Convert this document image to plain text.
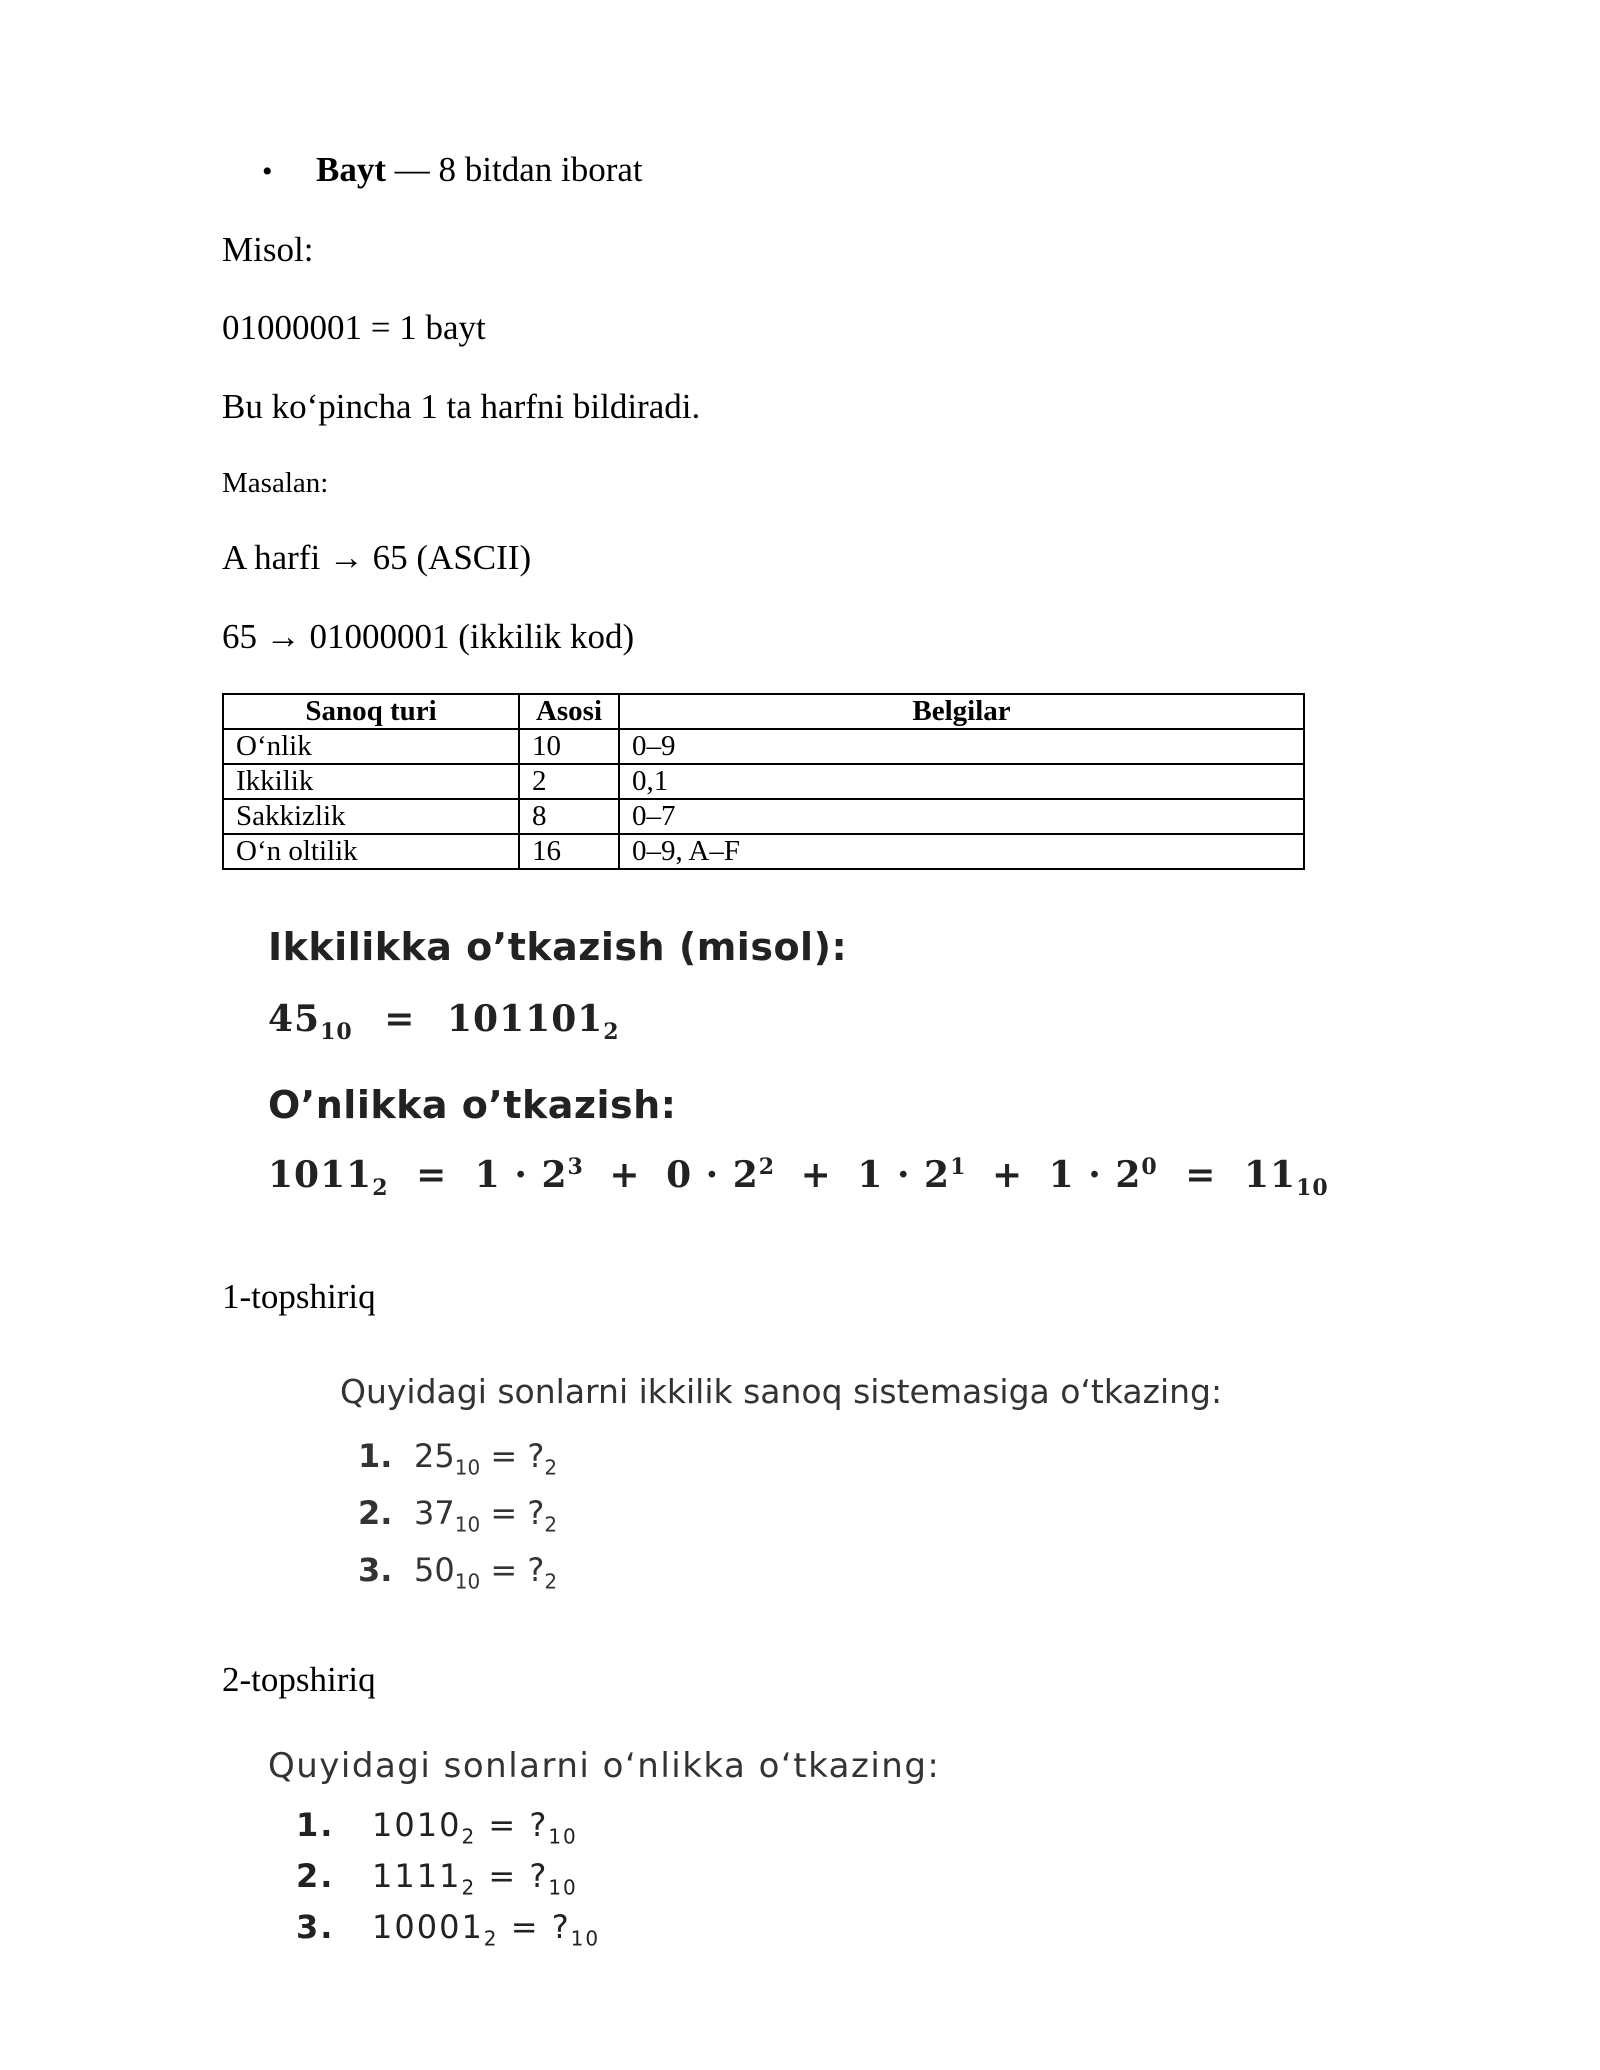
• Bayt — 8 bitdan iborat
Misol:
01000001 = 1 bayt
Bu ko‘pincha 1 ta harfni bildiradi.
Masalan:
A harfi → 65 (ASCII)
65 → 01000001 (ikkilik kod)
Sanoq turi	Asosi	Belgilar
O‘nlik	10	0–9
Ikkilik	2	0,1
Sakkizlik	8	0–7
O‘n oltilik	16	0–9, A–F
Ikkilikka o’tkazish (misol):
$45_{10} = 101101_2$
O’nlikka o’tkazish:
$1011_2 = 1 \cdot 2^3 + 0 \cdot 2^2 + 1 \cdot 2^1 + 1 \cdot 2^0 = 11_{10}$
1-topshiriq
Quyidagi sonlarni ikkilik sanoq sistemasiga o‘tkazing:
1. $25_{10}$ = $?_2$
2. $37_{10}$ = $?_2$
3. $50_{10}$ = $?_2$
2-topshiriq
Quyidagi sonlarni o‘nlikka o‘tkazing:
1. $1010_2$ = $?_{10}$
2. $1111_2$ = $?_{10}$
3. $10001_2$ = $?_{10}$
